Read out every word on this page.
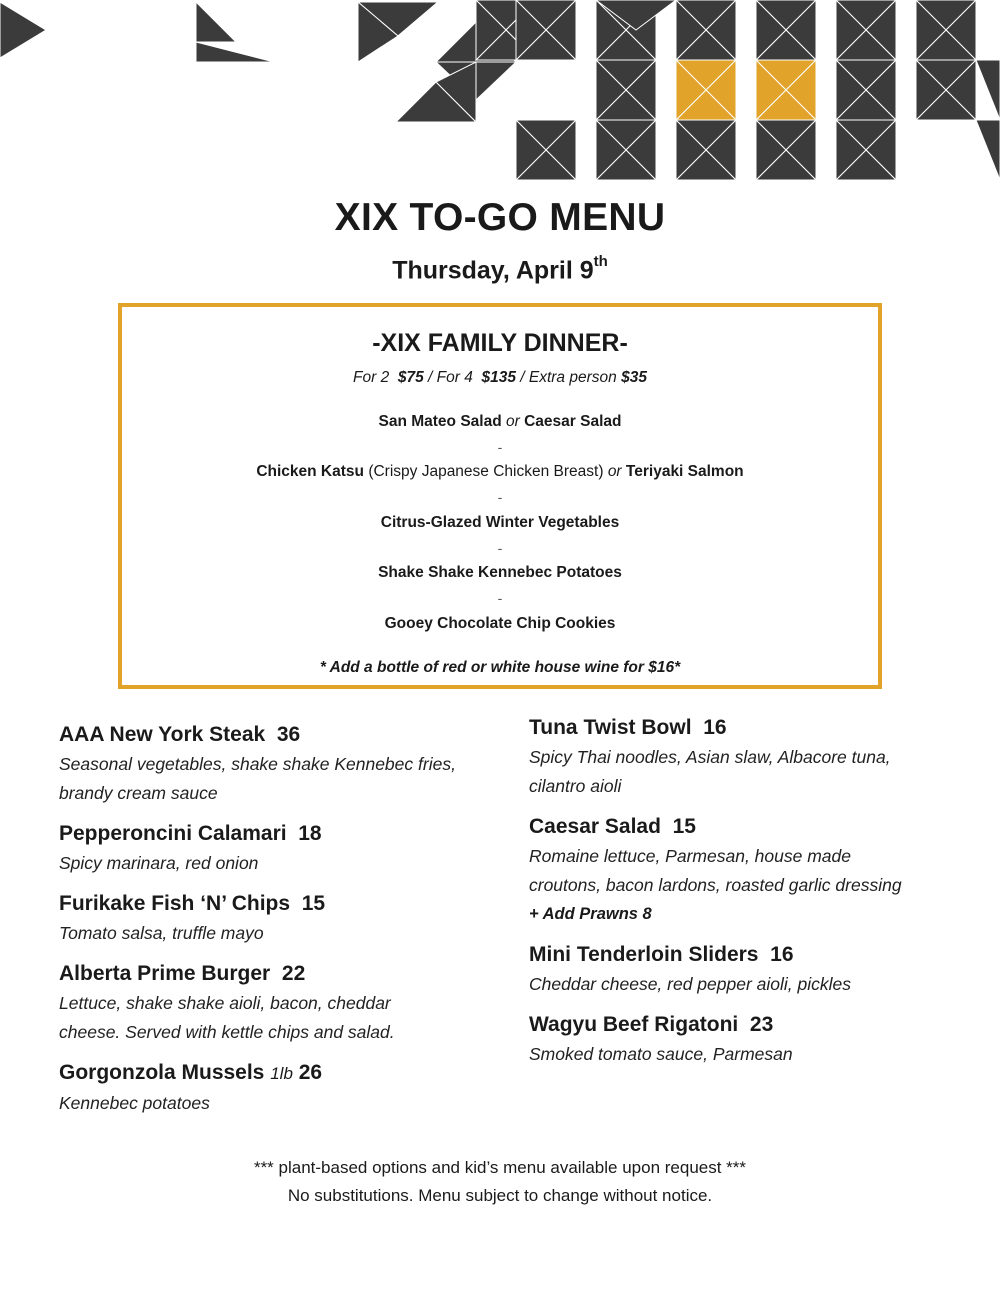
XIX TO-GO MENU
Thursday, April 9th
-XIX FAMILY DINNER-
For 2 $75 / For 4 $135 / Extra person $35
San Mateo Salad or Caesar Salad
-
Chicken Katsu (Crispy Japanese Chicken Breast) or Teriyaki Salmon
-
Citrus-Glazed Winter Vegetables
-
Shake Shake Kennebec Potatoes
-
Gooey Chocolate Chip Cookies
* Add a bottle of red or white house wine for $16*
AAA New York Steak 36
Seasonal vegetables, shake shake Kennebec fries,
brandy cream sauce
Pepperoncini Calamari 18
Spicy marinara, red onion
Furikake Fish ‘N’ Chips 15
Tomato salsa, truffle mayo
Alberta Prime Burger 22
Lettuce, shake shake aioli, bacon, cheddar
cheese. Served with kettle chips and salad.
Gorgonzola Mussels 1lb 26
Kennebec potatoes
Tuna Twist Bowl 16
Spicy Thai noodles, Asian slaw, Albacore tuna,
cilantro aioli
Caesar Salad 15
Romaine lettuce, Parmesan, house made
croutons, bacon lardons, roasted garlic dressing
+ Add Prawns 8
Mini Tenderloin Sliders 16
Cheddar cheese, red pepper aioli, pickles
Wagyu Beef Rigatoni 23
Smoked tomato sauce, Parmesan
*** plant-based options and kid’s menu available upon request ***
No substitutions. Menu subject to change without notice.
